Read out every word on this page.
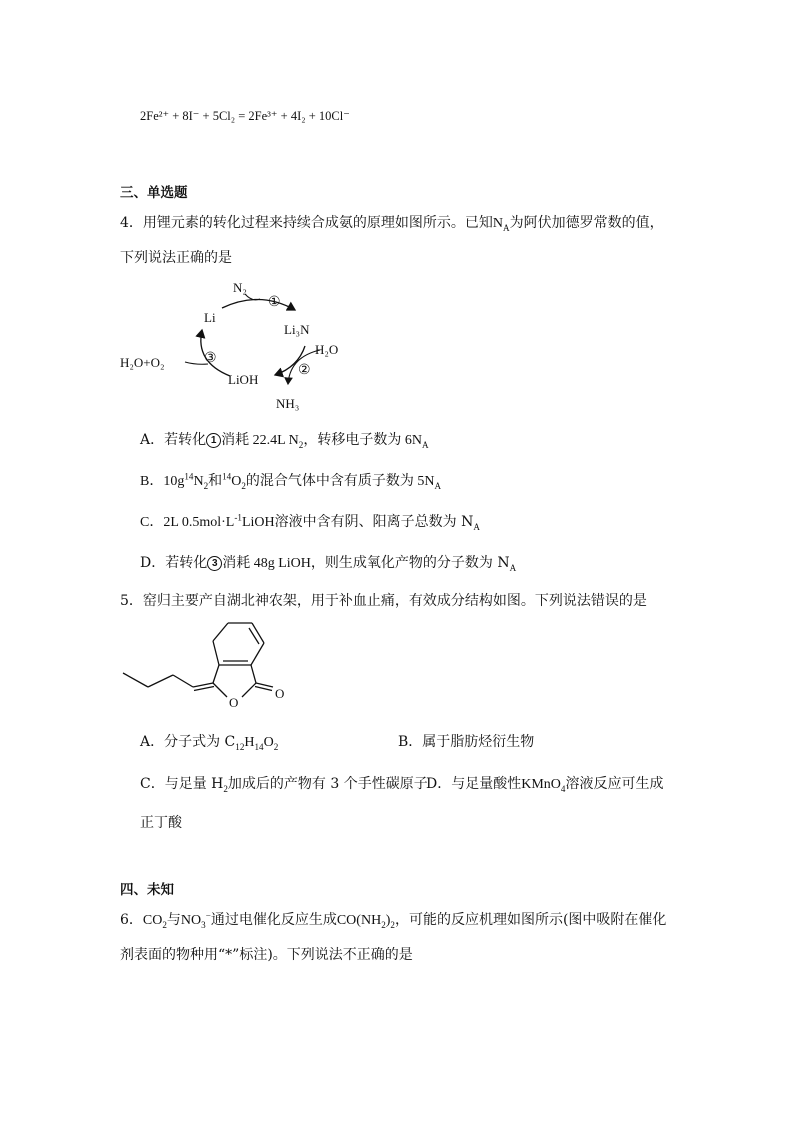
2Fe²⁺ + 8I⁻ + 5Cl₂ = 2Fe³⁺ + 4I₂ + 10Cl⁻
三、单选题
4．用锂元素的转化过程来持续合成氨的原理如图所示。已知$N_A$为阿伏加德罗常数的值，
下列说法正确的是
N₂
①
Li
Li₃N
H₂O
②
NH₃
LiOH
③
H₂O+O₂
A．若转化 1 消耗 22.4L $N_2$，转移电子数为 $6N_A$
B．$10g^{14}N_2$和$^{14}O_2$的混合气体中含有质子数为 $5N_A$
C．2L $0.5mol\cdot L^{-1}LiOH$溶液中含有阴、阳离子总数为 $N_A$
D．若转化 3 消耗 48g LiOH，则生成氧化产物的分子数为 $N_A$
5．窑归主要产自湖北神农架，用于补血止痛，有效成分结构如图。下列说法错误的是
O
O
A．分子式为 $C_{12}H_{14}O_2$	B．属于脂肪烃衍生物
C．与足量 $H_2$加成后的产物有 3 个手性碳原子
D．与足量酸性KMnO$_4$溶液反应可生成
正丁酸
四、未知
6．$CO_2$与$NO_3^-$通过电催化反应生成$CO(NH_2)_2$，可能的反应机理如图所示(图中吸附在催化
剂表面的物种用“*”标注)。下列说法不正确的是
